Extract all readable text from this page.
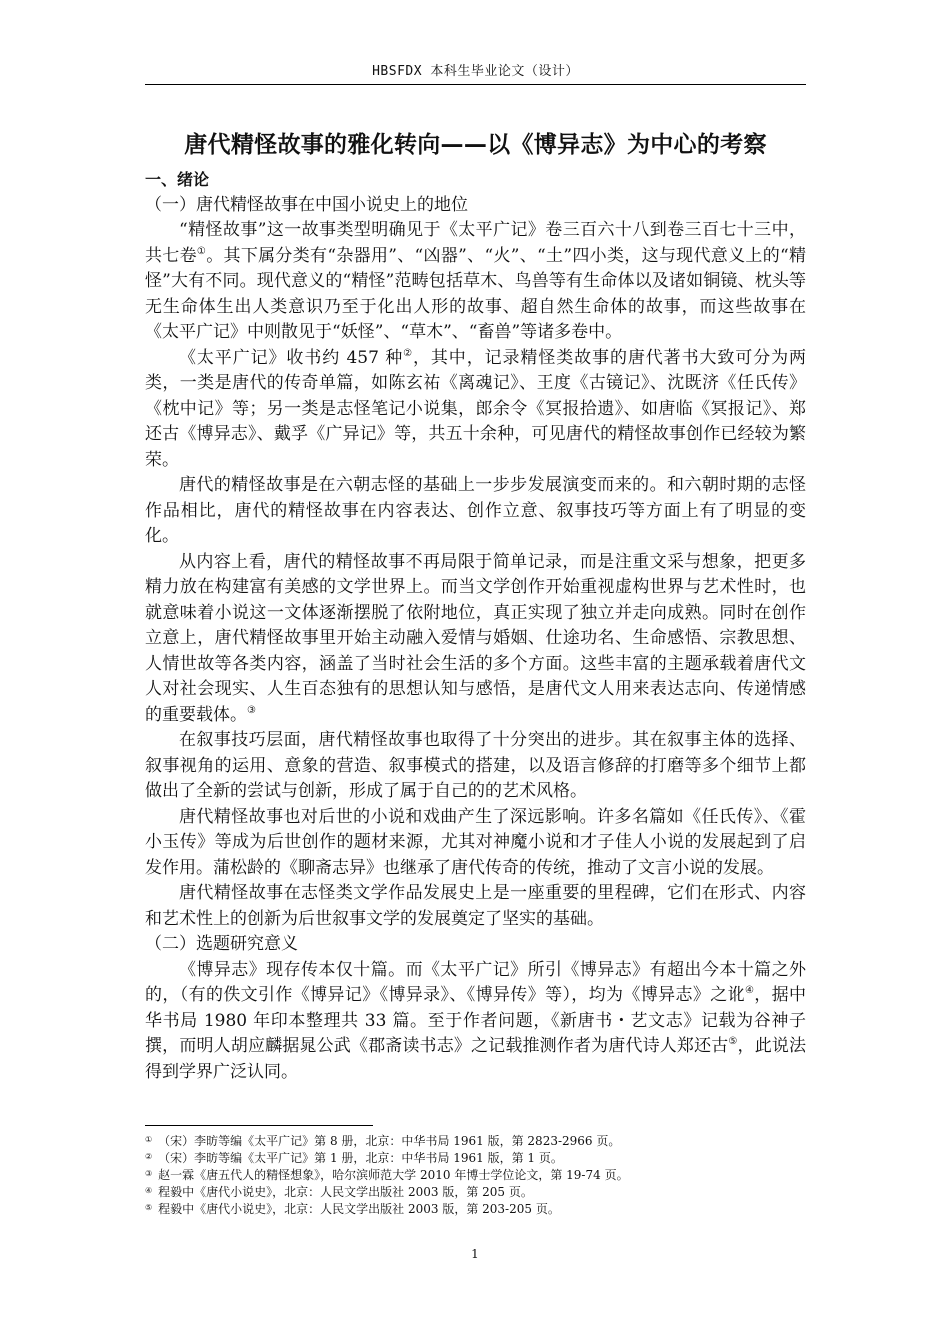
HBSFDX 本科生毕业论文（设计）
唐代精怪故事的雅化转向——以《博异志》为中心的考察
一、绪论
（一）唐代精怪故事在中国小说史上的地位
“精怪故事”这一故事类型明确见于《太平广记》卷三百六十八到卷三百七十三中，共七卷①。其下属分类有“杂器用”、“凶器”、“火”、“土”四小类，这与现代意义上的“精怪”大有不同。现代意义的“精怪”范畴包括草木、鸟兽等有生命体以及诸如铜镜、枕头等无生命体生出人类意识乃至于化出人形的故事、超自然生命体的故事，而这些故事在《太平广记》中则散见于“妖怪”、“草木”、“畜兽”等诸多卷中。
《太平广记》收书约 457 种②，其中，记录精怪类故事的唐代著书大致可分为两类，一类是唐代的传奇单篇，如陈玄祐《离魂记》、王度《古镜记》、沈既济《任氏传》《枕中记》等；另一类是志怪笔记小说集，郎余令《冥报拾遗》、如唐临《冥报记》、郑还古《博异志》、戴孚《广异记》等，共五十余种，可见唐代的精怪故事创作已经较为繁荣。
唐代的精怪故事是在六朝志怪的基础上一步步发展演变而来的。和六朝时期的志怪作品相比，唐代的精怪故事在内容表达、创作立意、叙事技巧等方面上有了明显的变化。
从内容上看，唐代的精怪故事不再局限于简单记录，而是注重文采与想象，把更多精力放在构建富有美感的文学世界上。而当文学创作开始重视虚构世界与艺术性时，也就意味着小说这一文体逐渐摆脱了依附地位，真正实现了独立并走向成熟。同时在创作立意上，唐代精怪故事里开始主动融入爱情与婚姻、仕途功名、生命感悟、宗教思想、人情世故等各类内容，涵盖了当时社会生活的多个方面。这些丰富的主题承载着唐代文人对社会现实、人生百态独有的思想认知与感悟，是唐代文人用来表达志向、传递情感的重要载体。③
在叙事技巧层面，唐代精怪故事也取得了十分突出的进步。其在叙事主体的选择、叙事视角的运用、意象的营造、叙事模式的搭建，以及语言修辞的打磨等多个细节上都做出了全新的尝试与创新，形成了属于自己的的艺术风格。
唐代精怪故事也对后世的小说和戏曲产生了深远影响。许多名篇如《任氏传》、《霍小玉传》等成为后世创作的题材来源，尤其对神魔小说和才子佳人小说的发展起到了启发作用。蒲松龄的《聊斋志异》也继承了唐代传奇的传统，推动了文言小说的发展。
唐代精怪故事在志怪类文学作品发展史上是一座重要的里程碑，它们在形式、内容和艺术性上的创新为后世叙事文学的发展奠定了坚实的基础。
（二）选题研究意义
《博异志》现存传本仅十篇。而《太平广记》所引《博异志》有超出今本十篇之外的，（有的佚文引作《博异记》《博异录》、《博异传》等），均为《博异志》之讹④，据中华书局 1980 年印本整理共 33 篇。至于作者问题，《新唐书・艺文志》记载为谷神子撰，而明人胡应麟据晁公武《郡斋读书志》之记载推测作者为唐代诗人郑还古⑤，此说法得到学界广泛认同。
① （宋）李昉等编《太平广记》第 8 册，北京：中华书局 1961 版，第 2823-2966 页。
② （宋）李昉等编《太平广记》第 1 册，北京：中华书局 1961 版，第 1 页。
③ 赵一霖《唐五代人的精怪想象》，哈尔滨师范大学 2010 年博士学位论文，第 19-74 页。
④ 程毅中《唐代小说史》，北京：人民文学出版社 2003 版，第 205 页。
⑤ 程毅中《唐代小说史》，北京：人民文学出版社 2003 版，第 203-205 页。
1
